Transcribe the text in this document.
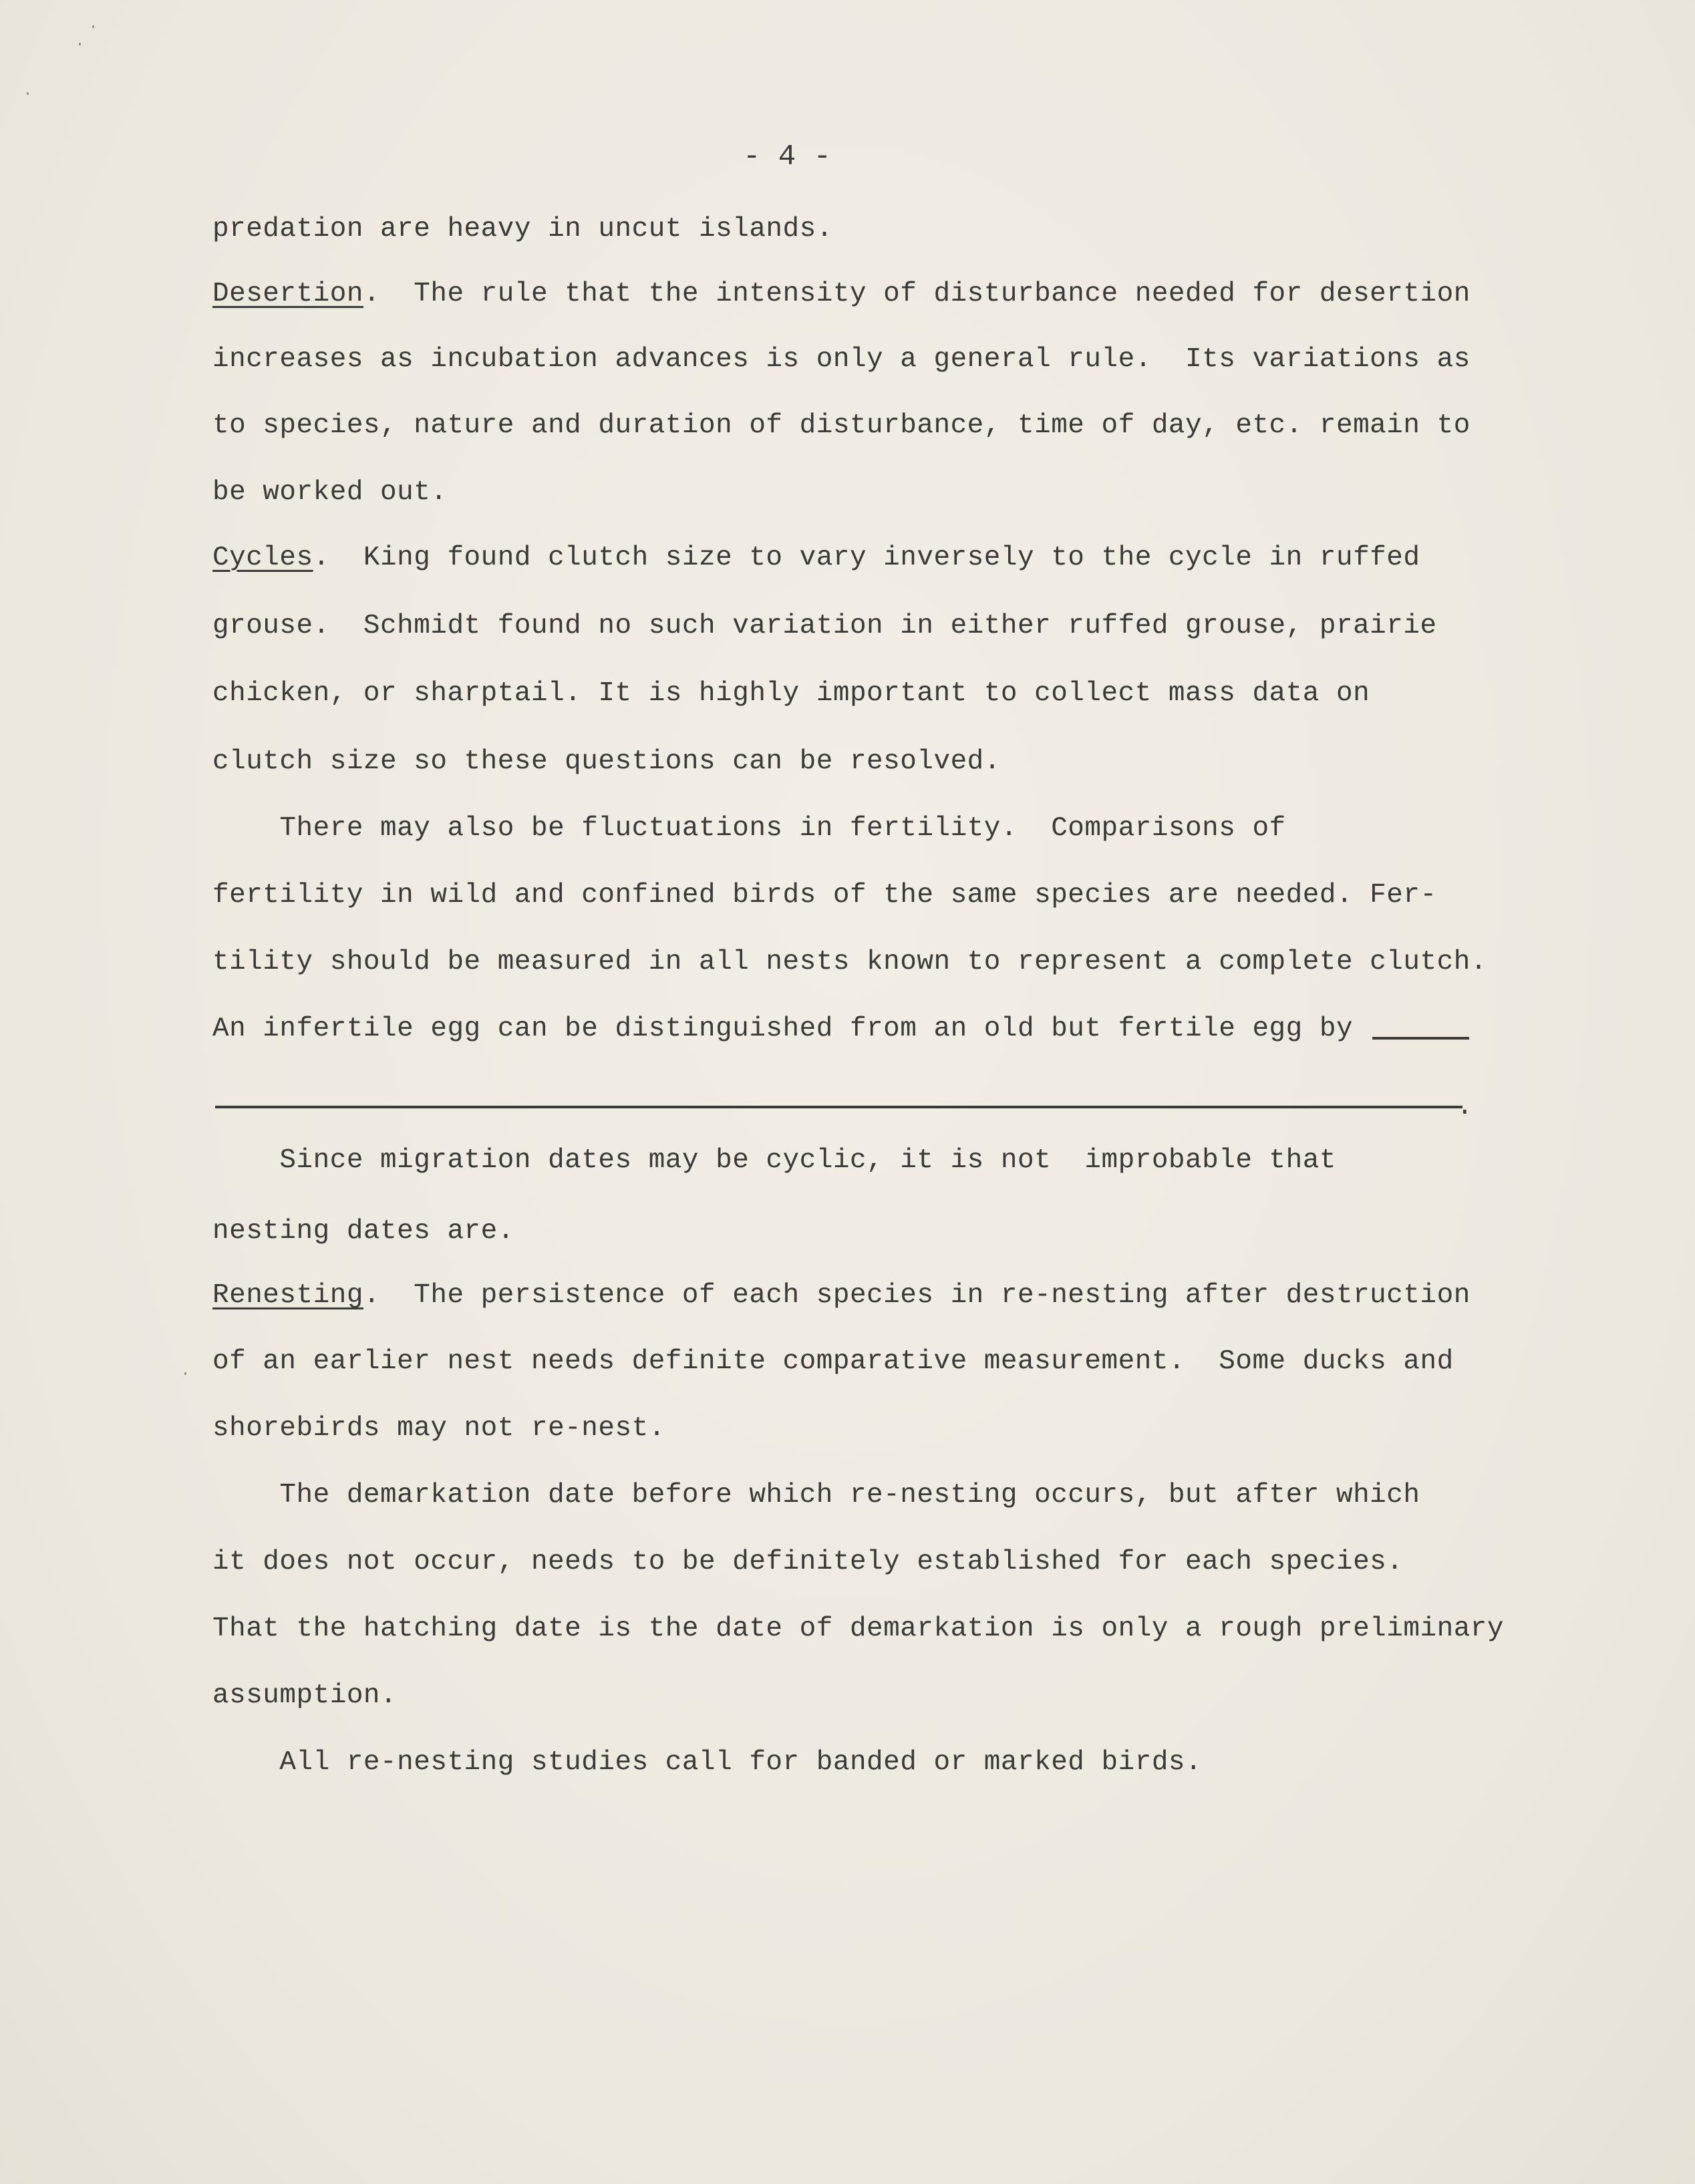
- 4 -
predation are heavy in uncut islands.
Desertion.  The rule that the intensity of disturbance needed for desertion
increases as incubation advances is only a general rule.  Its variations as
to species, nature and duration of disturbance, time of day, etc. remain to
be worked out.
Cycles.  King found clutch size to vary inversely to the cycle in ruffed
grouse.  Schmidt found no such variation in either ruffed grouse, prairie
chicken, or sharptail. It is highly important to collect mass data on
clutch size so these questions can be resolved.
There may also be fluctuations in fertility.  Comparisons of
fertility in wild and confined birds of the same species are needed. Fer-
tility should be measured in all nests known to represent a complete clutch.
An infertile egg can be distinguished from an old but fertile egg by
.
Since migration dates may be cyclic, it is not  improbable that
nesting dates are.
Renesting.  The persistence of each species in re-nesting after destruction
of an earlier nest needs definite comparative measurement.  Some ducks and
shorebirds may not re-nest.
The demarkation date before which re-nesting occurs, but after which
it does not occur, needs to be definitely established for each species.
That the hatching date is the date of demarkation is only a rough preliminary
assumption.
All re-nesting studies call for banded or marked birds.
